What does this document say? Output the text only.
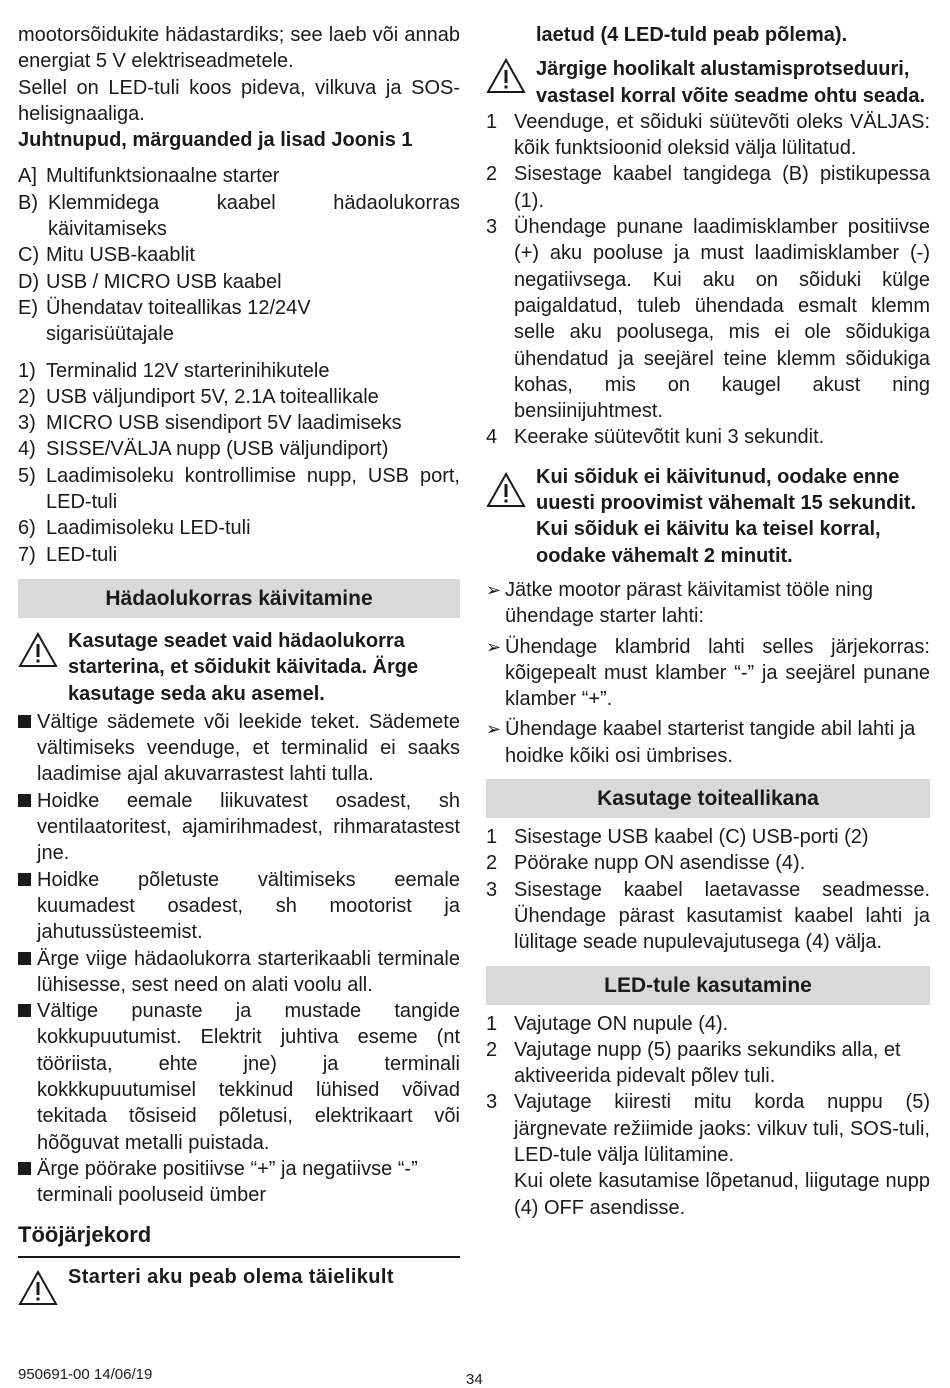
mootorsõidukite hädastardiks; see laeb või annab energiat 5 V elektriseadmetele.

Sellel on LED-tuli koos pideva, vilkuva ja SOS-helisignaaliga.

Juhtnupud, märguanded ja lisad Joonis 1

A] Multifunktsionaalne starter
B) Klemmidega kaabel hädaolukorras käivitamiseks
C) Mitu USB-kaablit
D) USB / MICRO USB kaabel
E) Ühendatav toiteallikas 12/24V sigarisüütajale
1) Terminalid 12V starterinihikutele
2) USB väljundiport 5V, 2.1A toiteallikale
3) MICRO USB sisendiport 5V laadimiseks
4) SISSE/VÄLJA nupp (USB väljundiport)
5) Laadimisoleku kontrollimise nupp, USB port, LED-tuli
6) Laadimisoleku LED-tuli
7) LED-tuli
Hädaolukorras käivitamine
Kasutage seadet vaid hädaolukorra starterina, et sõidukit käivitada. Ärge kasutage seda aku asemel.
Vältige sädemete või leekide teket. Sädemete vältimiseks veenduge, et terminalid ei saaks laadimise ajal akuvarrastest lahti tulla.
Hoidke eemale liikuvatest osadest, sh ventilaatoritest, ajamirihmadest, rihmaratastest jne.
Hoidke põletuste vältimiseks eemale kuumadest osadest, sh mootorist ja jahutussüsteemist.
Ärge viige hädaolukorra starterikaabli terminale lühisesse, sest need on alati voolu all.
Vältige punaste ja mustade tangide kokkupuutumist. Elektrit juhtiva eseme (nt tööriista, ehte jne) ja terminali kokkkupuutumisel tekkinud lühised võivad tekitada tõsiseid põletusi, elektrikaart või hõõguvat metalli puistada.
Ärge pöörake positiivse “+” ja negatiivse “-” terminali pooluseid ümber
Tööjärjekord
Starteri aku peab olema täielikult
laetud (4 LED-tuld peab põlema).
Järgige hoolikalt alustamisprotseduuri, vastasel korral võite seadme ohtu seada.
1 Veenduge, et sõiduki süütevõti oleks VÄLJAS: kõik funktsioonid oleksid välja lülitatud.
2 Sisestage kaabel tangidega (B) pistikupessa (1).
3 Ühendage punane laadimisklamber positiivse (+) aku pooluse ja must laadimisklamber (-) negatiivsega. Kui aku on sõiduki külge paigaldatud, tuleb ühendada esmalt klemm selle aku poolusega, mis ei ole sõidukiga ühendatud ja seejärel teine klemm sõidukiga kohas, mis on kaugel akust ning bensiinijuhtmest.
4 Keerake süütevõtit kuni 3 sekundit.
Kui sõiduk ei käivitunud, oodake enne uuesti proovimist vähemalt 15 sekundit. Kui sõiduk ei käivitu ka teisel korral, oodake vähemalt 2 minutit.
➢ Jätke mootor pärast käivitamist tööle ning ühendage starter lahti:
➢ Ühendage klambrid lahti selles järjekorras: kõigepealt must klamber “-” ja seejärel punane klamber “+”.
➢ Ühendage kaabel starterist tangide abil lahti ja hoidke kõiki osi ümbrises.
Kasutage toiteallikana
1 Sisestage USB kaabel (C) USB-porti (2)
2 Pöörake nupp ON asendisse (4).
3 Sisestage kaabel laetavasse seadmesse. Ühendage pärast kasutamist kaabel lahti ja lülitage seade nupulevajutusega (4) välja.
LED-tule kasutamine
1 Vajutage ON nupule (4).
2 Vajutage nupp (5) paariks sekundiks alla, et aktiveerida pidevalt põlev tuli.
3 Vajutage kiiresti mitu korda nuppu (5) järgnevate režiimide jaoks: vilkuv tuli, SOS-tuli, LED-tule välja lülitamine.

Kui olete kasutamise lõpetanud, liigutage nupp (4) OFF asendisse.

950691-00 14/06/19	34
